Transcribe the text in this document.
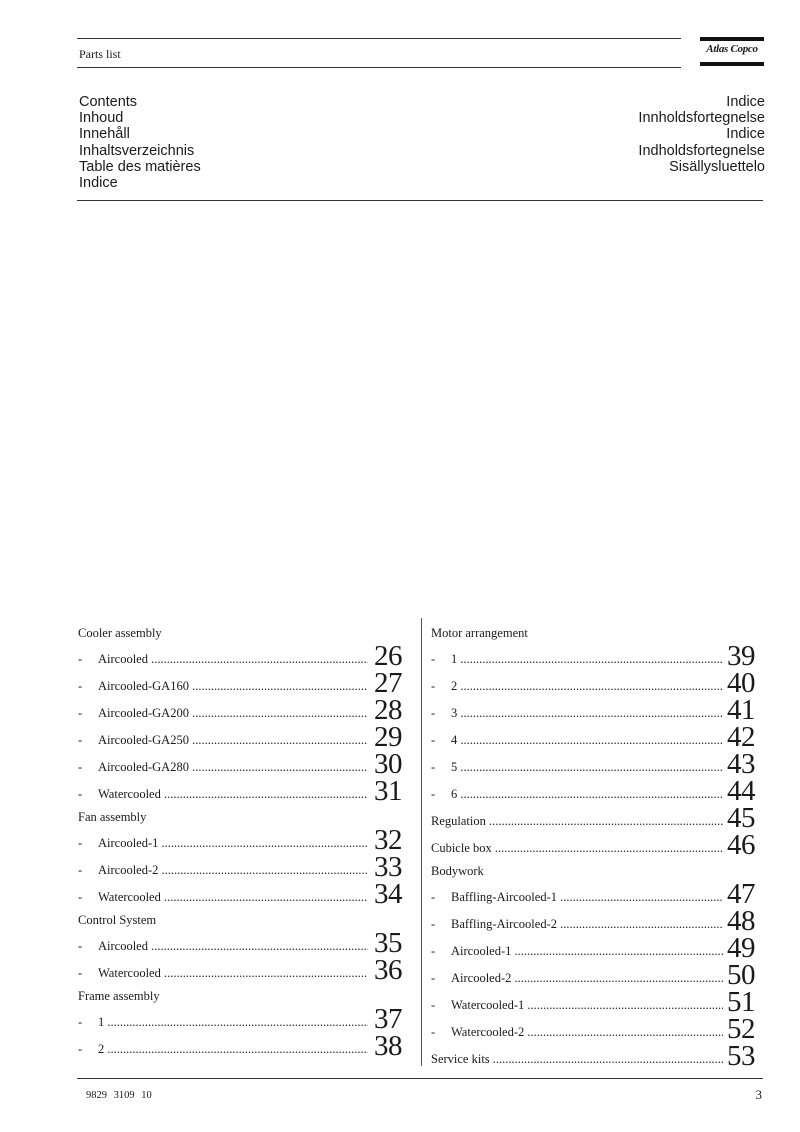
Parts list	Atlas Copco
Contents
Inhoud
Innehåll
Inhaltsverzeichnis
Table des matières
Indice
Indice
Innholdsfortegnelse
Indice
Indholdsfortegnelse
Sisällysluettelo
Cooler assembly
- Aircooled .....	26
- Aircooled-GA160 .....	27
- Aircooled-GA200 .....	28
- Aircooled-GA250 .....	29
- Aircooled-GA280 .....	30
- Watercooled .....	31
Fan assembly
- Aircooled-1 .....	32
- Aircooled-2 .....	33
- Watercooled .....	34
Control System
- Aircooled .....	35
- Watercooled .....	36
Frame assembly
- 1 .....	37
- 2 .....	38
Motor arrangement
- 1 .....	39
- 2 .....	40
- 3 .....	41
- 4 .....	42
- 5 .....	43
- 6 .....	44
Regulation .....	45
Cubicle box .....	46
Bodywork
- Baffling-Aircooled-1 .....	47
- Baffling-Aircooled-2 .....	48
- Aircooled-1 .....	49
- Aircooled-2 .....	50
- Watercooled-1 .....	51
- Watercooled-2 .....	52
Service kits .....	53
9829 3109 10	3
